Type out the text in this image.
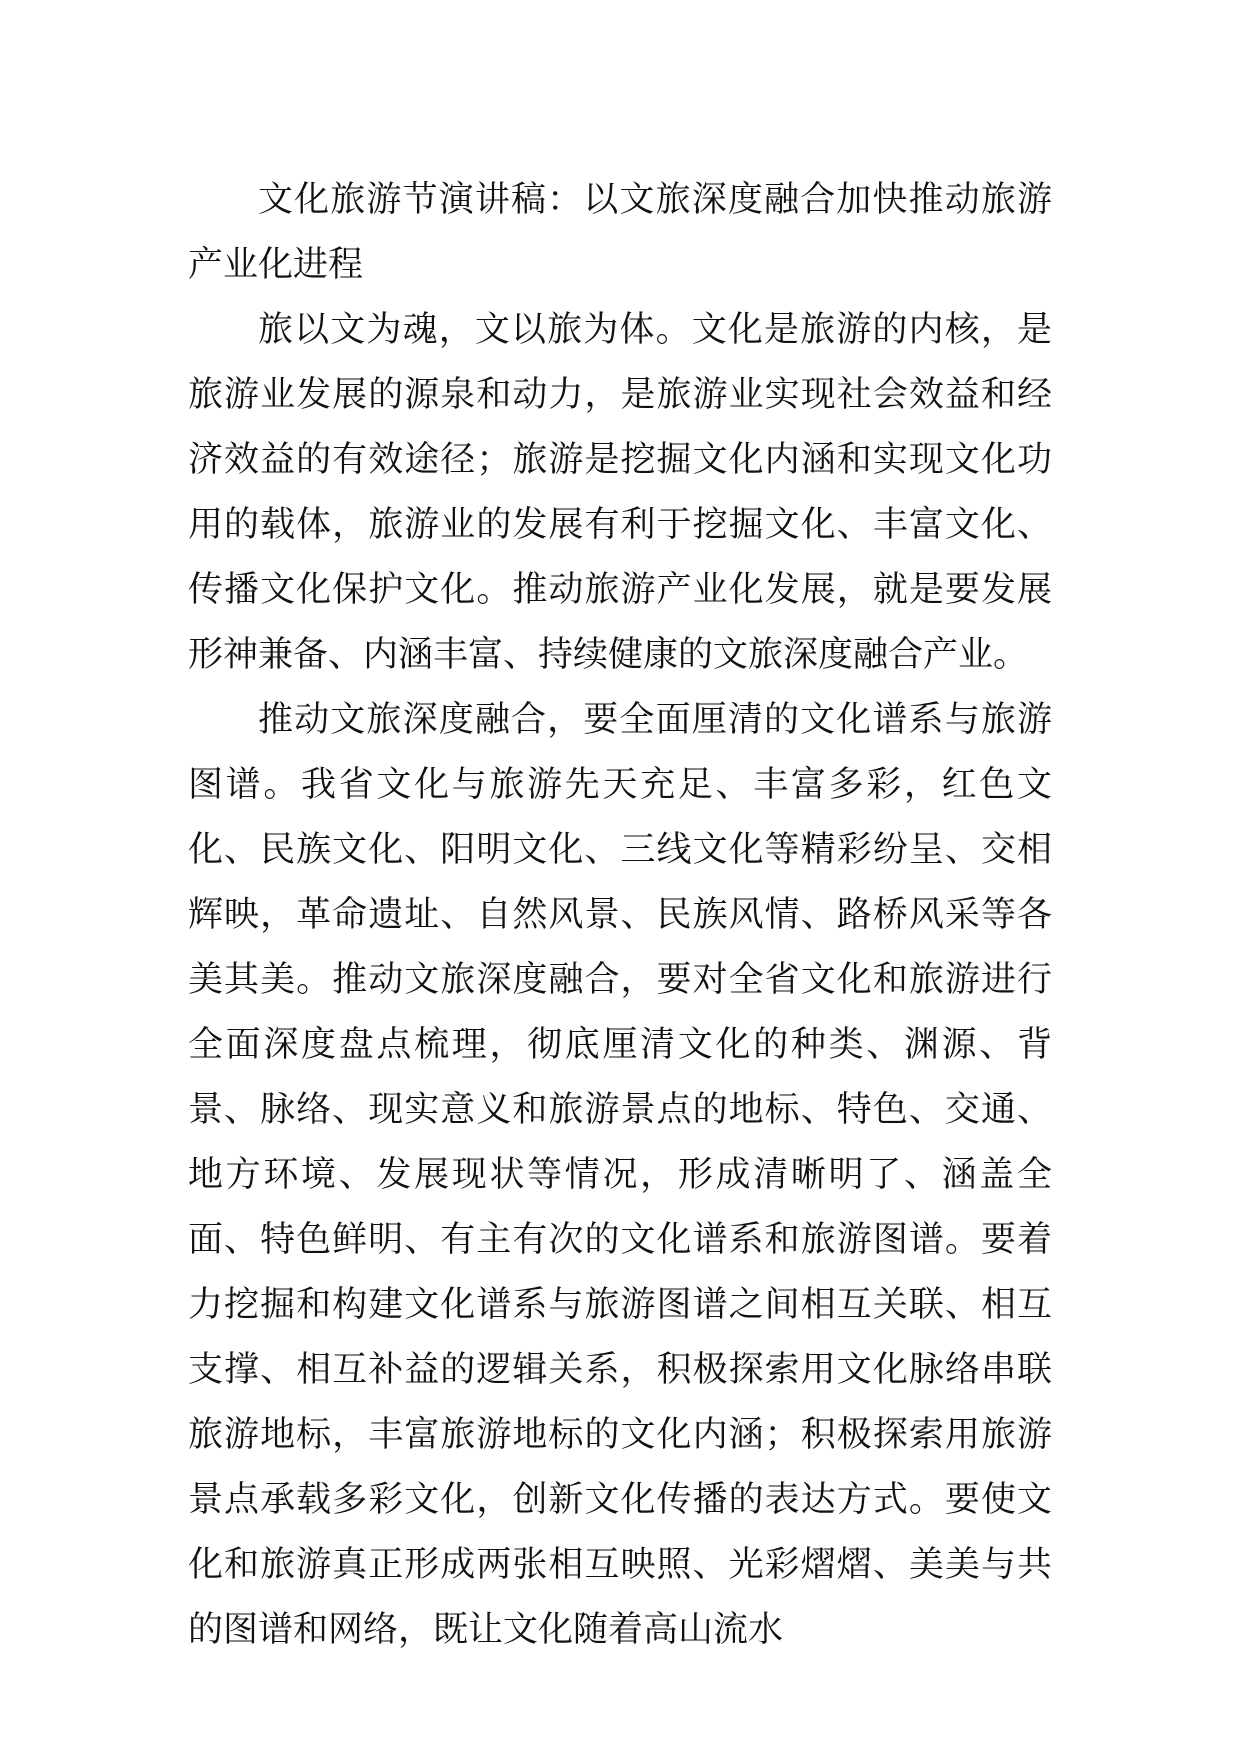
文化旅游节演讲稿：以文旅深度融合加快推动旅游产业化进程

旅以文为魂，文以旅为体。文化是旅游的内核，是旅游业发展的源泉和动力，是旅游业实现社会效益和经济效益的有效途径；旅游是挖掘文化内涵和实现文化功用的载体，旅游业的发展有利于挖掘文化、丰富文化、传播文化保护文化。推动旅游产业化发展，就是要发展形神兼备、内涵丰富、持续健康的文旅深度融合产业。

推动文旅深度融合，要全面厘清的文化谱系与旅游图谱。我省文化与旅游先天充足、丰富多彩，红色文化、民族文化、阳明文化、三线文化等精彩纷呈、交相辉映，革命遗址、自然风景、民族风情、路桥风采等各美其美。推动文旅深度融合，要对全省文化和旅游进行全面深度盘点梳理，彻底厘清文化的种类、渊源、背景、脉络、现实意义和旅游景点的地标、特色、交通、地方环境、发展现状等情况，形成清晰明了、涵盖全面、特色鲜明、有主有次的文化谱系和旅游图谱。要着力挖掘和构建文化谱系与旅游图谱之间相互关联、相互支撑、相互补益的逻辑关系，积极探索用文化脉络串联旅游地标，丰富旅游地标的文化内涵；积极探索用旅游景点承载多彩文化，创新文化传播的表达方式。要使文化和旅游真正形成两张相互映照、光彩熠熠、美美与共的图谱和网络，既让文化随着高山流水
